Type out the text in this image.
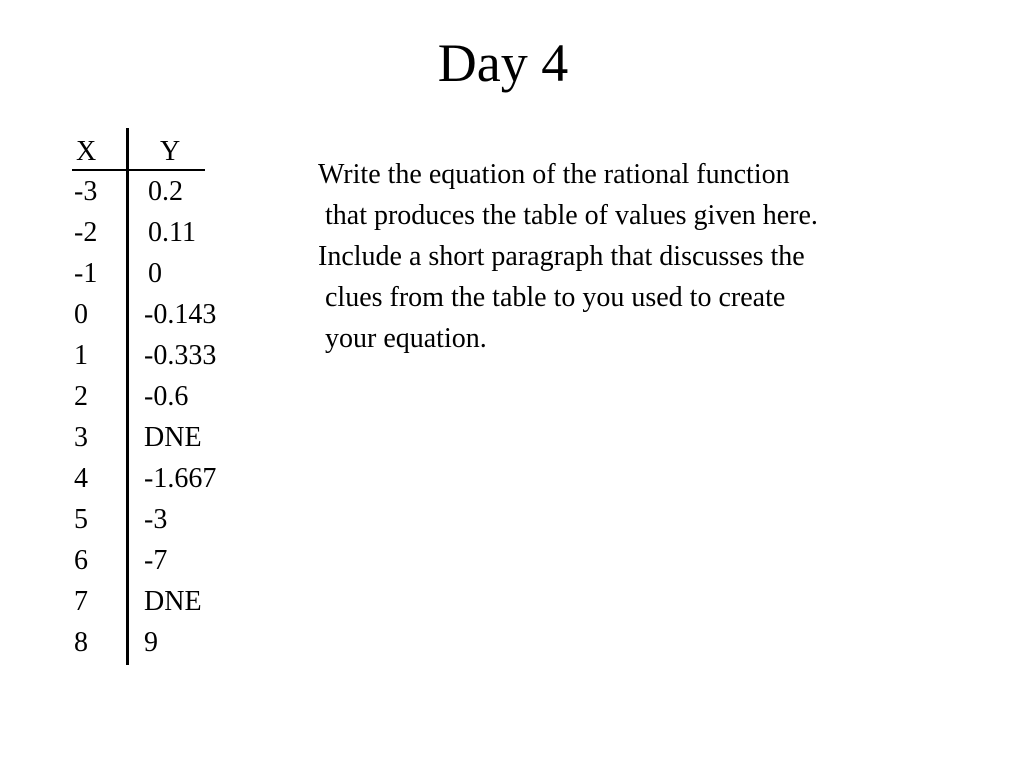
Day 4
X Y
-3 0.2
-2 0.11
-1 0
0 -0.143
1 -0.333
2 -0.6
3 DNE
4 -1.667
5 -3
6 -7
7 DNE
8 9
Write the equation of the rational function
that produces the table of values given here.
Include a short paragraph that discusses the
clues from the table to you used to create
your equation.
